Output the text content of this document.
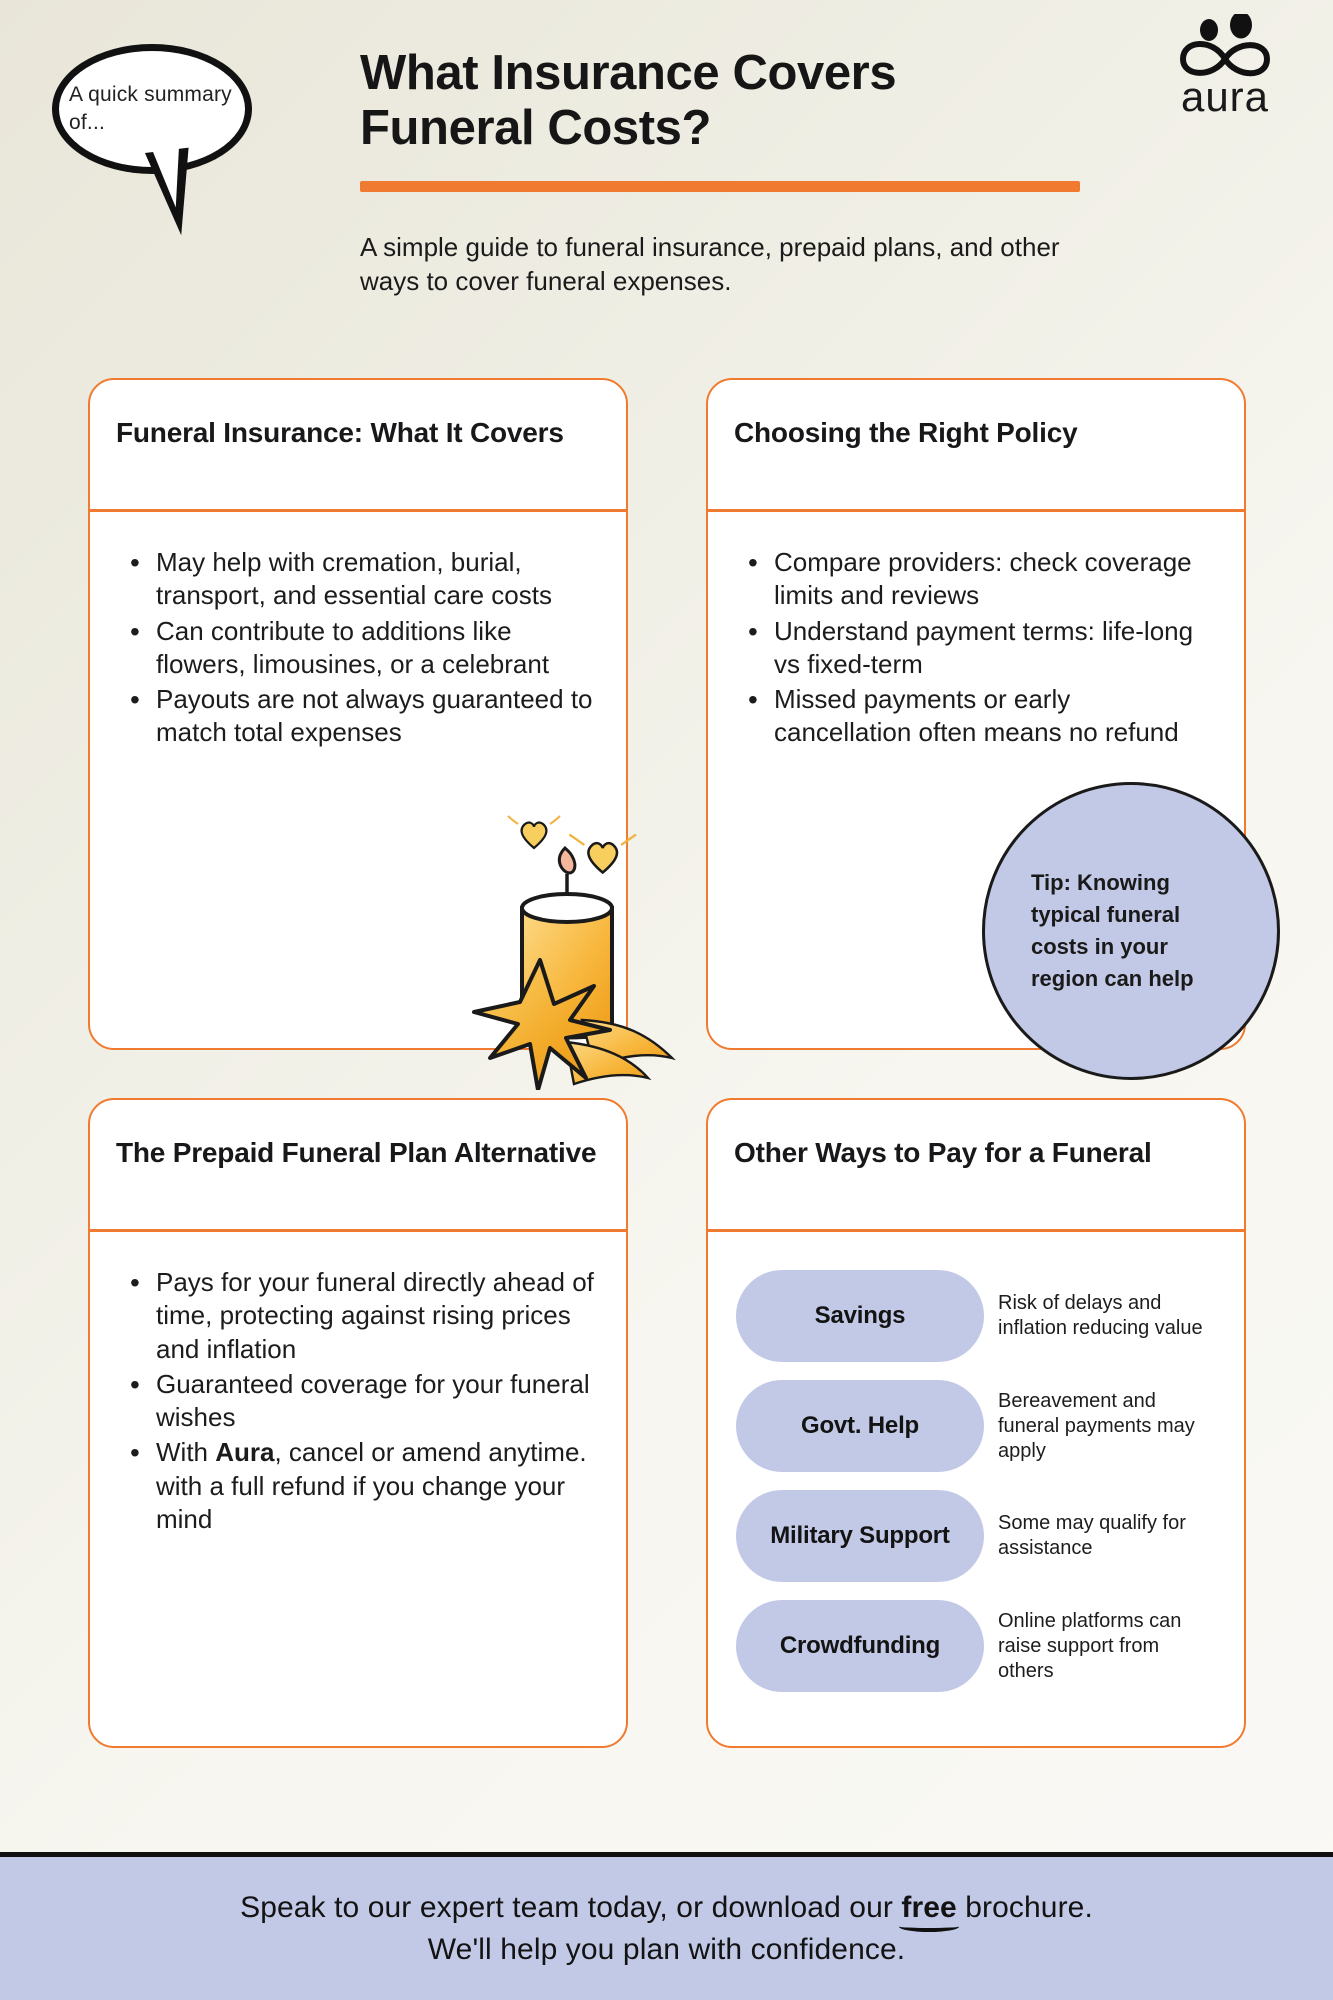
A quick summary of...
What Insurance Covers
Funeral Costs?
A simple guide to funeral insurance, prepaid plans, and other ways to cover funeral expenses.
aura
Funeral Insurance: What It Covers
• May help with cremation, burial, transport, and essential care costs
• Can contribute to additions like flowers, limousines, or a celebrant
• Payouts are not always guaranteed to match total expenses
Choosing the Right Policy
• Compare providers: check coverage limits and reviews
• Understand payment terms: life-long vs fixed-term
• Missed payments or early cancellation often means no refund
The Prepaid Funeral Plan Alternative
• Pays for your funeral directly ahead of time, protecting against rising prices and inflation
• Guaranteed coverage for your funeral wishes
• With Aura, cancel or amend anytime. with a full refund if you change your mind
Other Ways to Pay for a Funeral
Savings	Risk of delays and inflation reducing value
Govt. Help
Bereavement and funeral payments may apply
Military Support Some may qualify for assistance
Crowdfunding
Online platforms can raise support from others
Tip: Knowing typical funeral costs in your region can help
Speak to our expert team today, or download our free brochure.
We'll help you plan with confidence.
